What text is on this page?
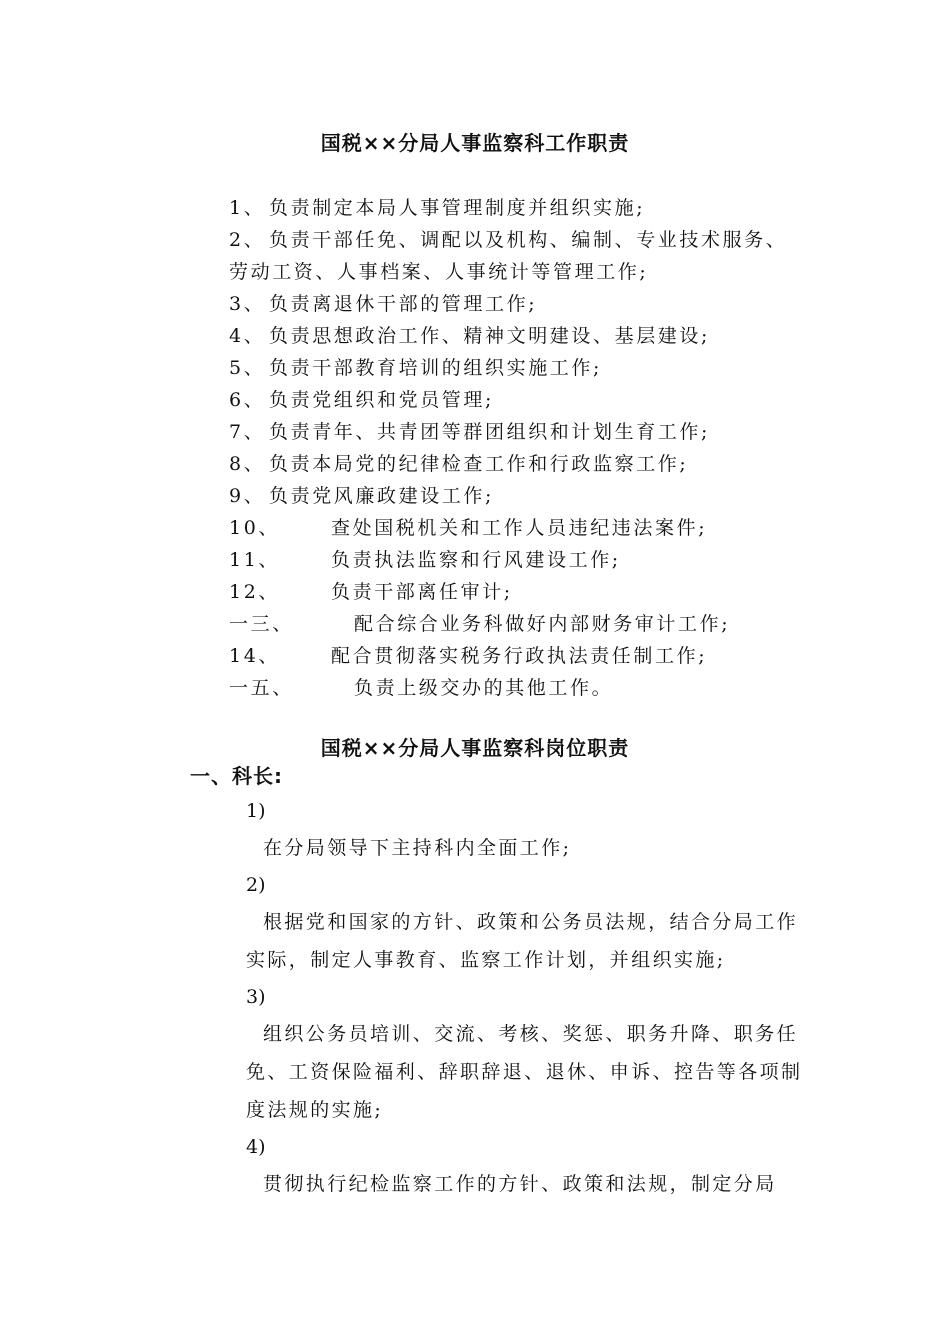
国税××分局人事监察科工作职责
1、 负责制定本局人事管理制度并组织实施;
2、 负责干部任免、调配以及机构、编制、专业技术服务、
劳动工资、人事档案、人事统计等管理工作;
3、 负责离退休干部的管理工作;
4、 负责思想政治工作、精神文明建设、基层建设;
5、 负责干部教育培训的组织实施工作;
6、 负责党组织和党员管理;
7、 负责青年、共青团等群团组织和计划生育工作;
8、 负责本局党的纪律检查工作和行政监察工作;
9、 负责党风廉政建设工作;
10、	查处国税机关和工作人员违纪违法案件;
11、	负责执法监察和行风建设工作;
12、	负责干部离任审计;
一三、	配合综合业务科做好内部财务审计工作;
14、	配合贯彻落实税务行政执法责任制工作;
一五、	负责上级交办的其他工作。
国税××分局人事监察科岗位职责
一、科长:
1)
在分局领导下主持科内全面工作;
2)
根据党和国家的方针、政策和公务员法规，结合分局工作实际，制定人事教育、监察工作计划，并组织实施;
3)
组织公务员培训、交流、考核、奖惩、职务升降、职务任免、工资保险福利、辞职辞退、退休、申诉、控告等各项制度法规的实施;
4)
贯彻执行纪检监察工作的方针、政策和法规，制定分局
